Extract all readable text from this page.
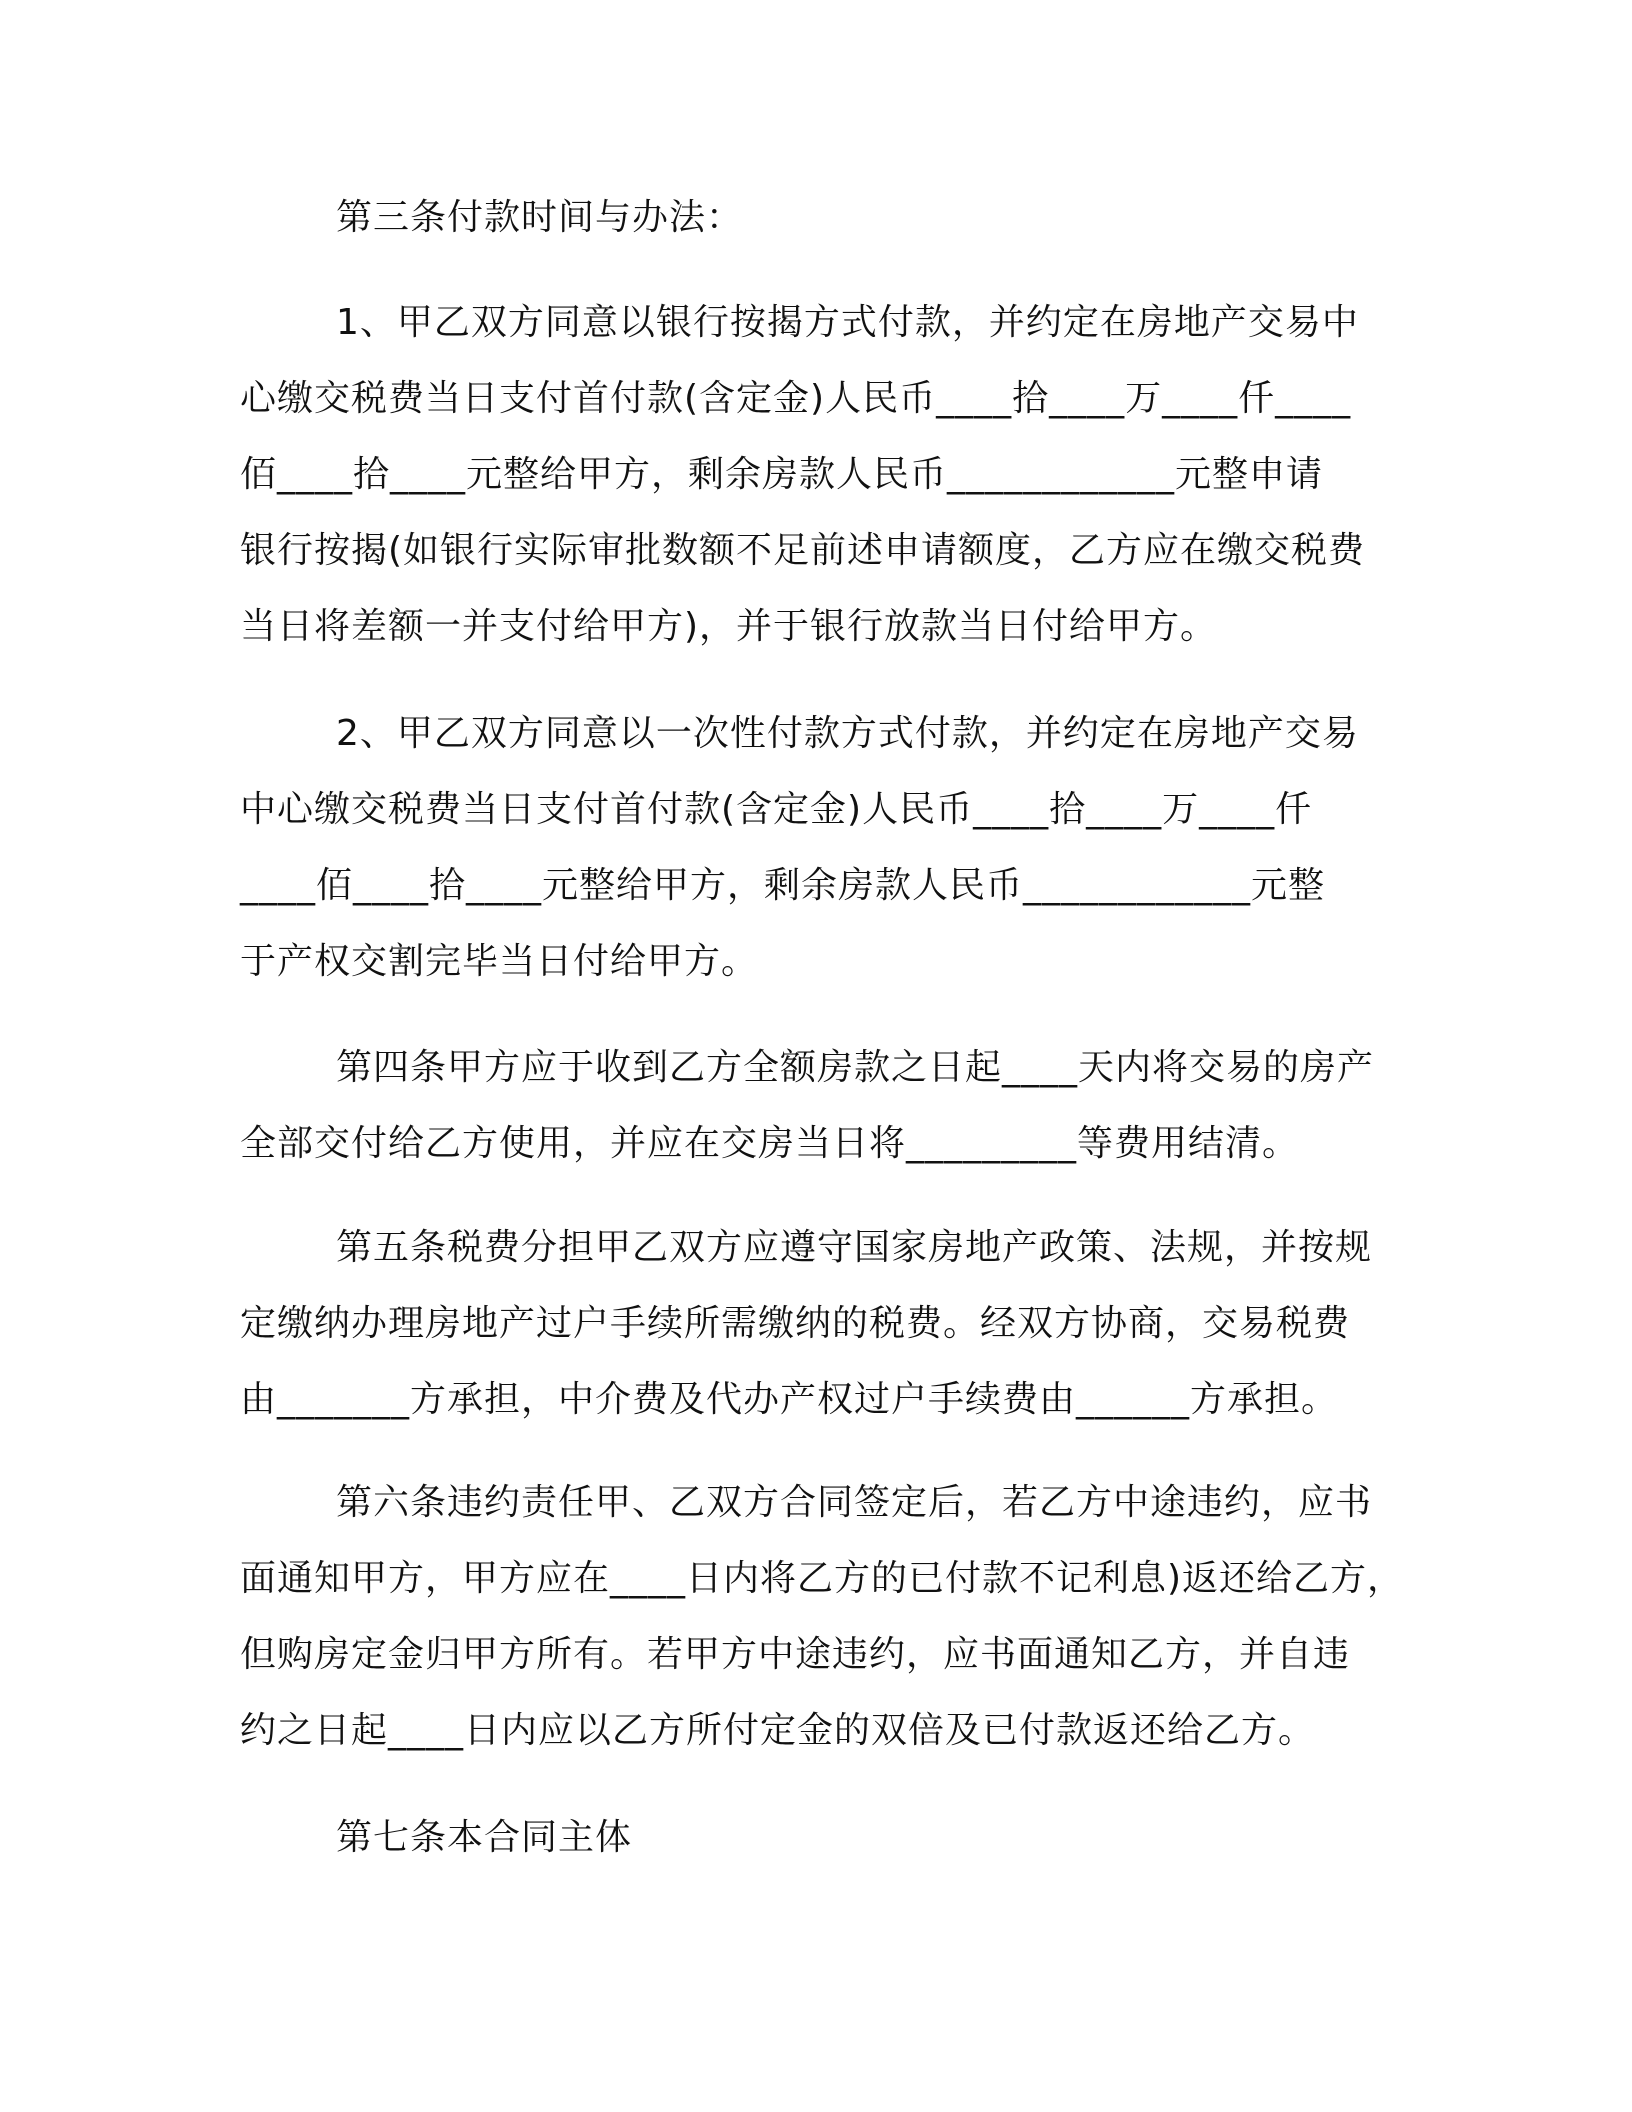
第三条付款时间与办法：

1、甲乙双方同意以银行按揭方式付款，并约定在房地产交易中
心缴交税费当日支付首付款(含定金)人民币____拾____万____仟____
佰____拾____元整给甲方，剩余房款人民币____________元整申请
银行按揭(如银行实际审批数额不足前述申请额度，乙方应在缴交税费
当日将差额一并支付给甲方)，并于银行放款当日付给甲方。

2、甲乙双方同意以一次性付款方式付款，并约定在房地产交易
中心缴交税费当日支付首付款(含定金)人民币____拾____万____仟
____佰____拾____元整给甲方，剩余房款人民币____________元整
于产权交割完毕当日付给甲方。

第四条甲方应于收到乙方全额房款之日起____天内将交易的房产
全部交付给乙方使用，并应在交房当日将_________等费用结清。

第五条税费分担甲乙双方应遵守国家房地产政策、法规，并按规
定缴纳办理房地产过户手续所需缴纳的税费。经双方协商，交易税费
由_______方承担，中介费及代办产权过户手续费由______方承担。

第六条违约责任甲、乙双方合同签定后，若乙方中途违约，应书
面通知甲方，甲方应在____日内将乙方的已付款不记利息)返还给乙方，
但购房定金归甲方所有。若甲方中途违约，应书面通知乙方，并自违
约之日起____日内应以乙方所付定金的双倍及已付款返还给乙方。

第七条本合同主体
